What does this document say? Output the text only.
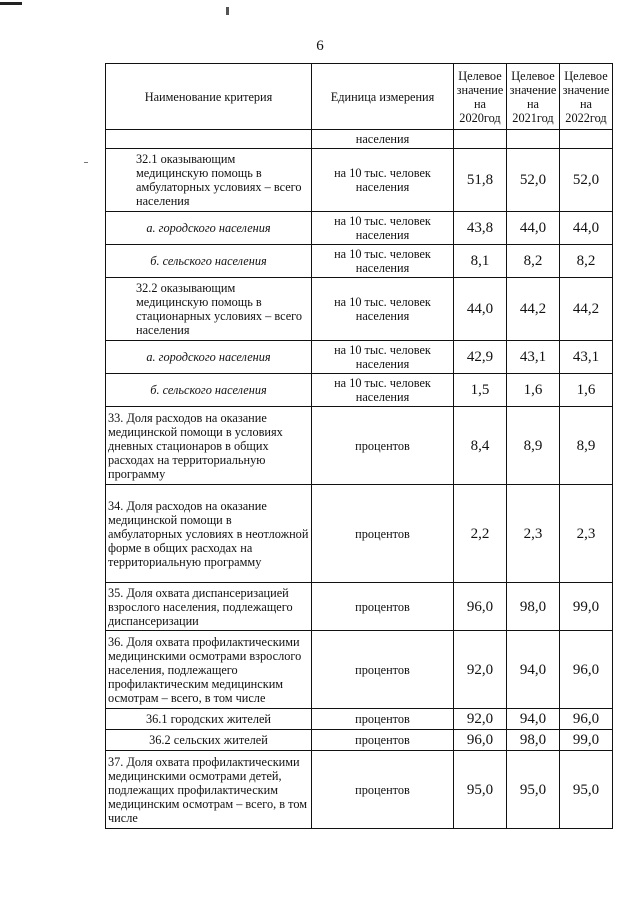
6
Наименование критерия	Единица измерения	Целевое значение на 2020год	Целевое значение на 2021год	Целевое значение на 2022год
	населения			
32.1 оказывающим медицинскую помощь в амбулаторных условиях – всего населения	на 10 тыс. человек населения	51,8	52,0	52,0
а. городского населения	на 10 тыс. человек населения	43,8	44,0	44,0
б. сельского населения	на 10 тыс. человек населения	8,1	8,2	8,2
32.2 оказывающим медицинскую помощь в стационарных условиях – всего населения	на 10 тыс. человек населения	44,0	44,2	44,2
а. городского населения	на 10 тыс. человек населения	42,9	43,1	43,1
б. сельского населения	на 10 тыс. человек населения	1,5	1,6	1,6
33. Доля расходов на оказание медицинской помощи в условиях дневных стационаров в общих расходах на территориальную программу	процентов	8,4	8,9	8,9
34. Доля расходов на оказание медицинской помощи в амбулаторных условиях в неотложной форме в общих расходах на территориальную программу	процентов	2,2	2,3	2,3
35. Доля охвата диспансеризацией взрослого населения, подлежащего диспансеризации	процентов	96,0	98,0	99,0
36. Доля охвата профилактическими медицинскими осмотрами взрослого населения, подлежащего профилактическим медицинским осмотрам – всего, в том числе	процентов	92,0	94,0	96,0
36.1 городских жителей	процентов	92,0	94,0	96,0
36.2 сельских жителей	процентов	96,0	98,0	99,0
37. Доля охвата профилактическими медицинскими осмотрами детей, подлежащих профилактическим медицинским осмотрам – всего, в том числе	процентов	95,0	95,0	95,0
